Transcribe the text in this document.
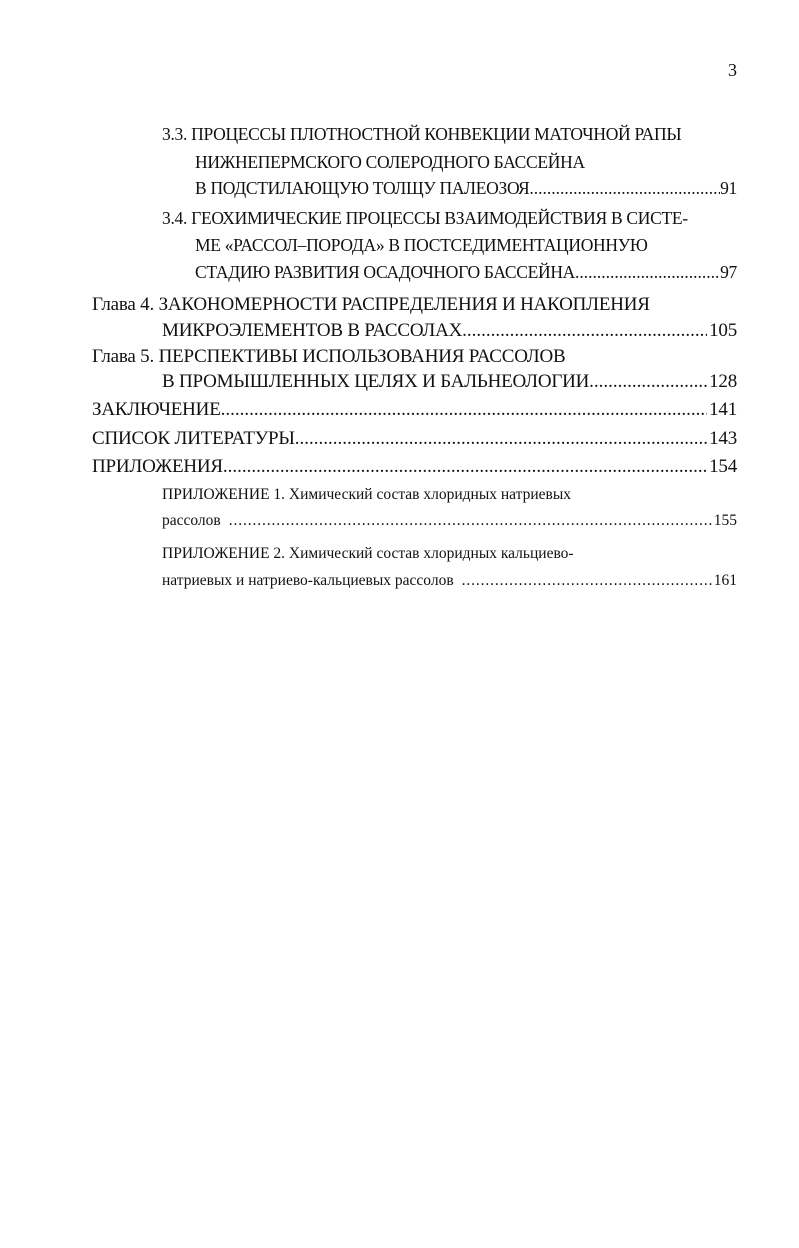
3
3.3. ПРОЦЕССЫ ПЛОТНОСТНОЙ КОНВЕКЦИИ МАТОЧНОЙ РАПЫ
НИЖНЕПЕРМСКОГО СОЛЕРОДНОГО БАССЕЙНА
В ПОДСТИЛАЮЩУЮ ТОЛЩУ ПАЛЕОЗОЯ .....	91
3.4. ГЕОХИМИЧЕСКИЕ ПРОЦЕССЫ ВЗАИМОДЕЙСТВИЯ В СИСТЕ-
МЕ «РАССОЛ–ПОРОДА» В ПОСТСЕДИМЕНТАЦИОННУЮ
СТАДИЮ РАЗВИТИЯ ОСАДОЧНОГО БАССЕЙНА .....	97
Глава 4. ЗАКОНОМЕРНОСТИ РАСПРЕДЕЛЕНИЯ И НАКОПЛЕНИЯ
МИКРОЭЛЕМЕНТОВ В РАССОЛАХ .....	105
Глава 5. ПЕРСПЕКТИВЫ ИСПОЛЬЗОВАНИЯ РАССОЛОВ
В ПРОМЫШЛЕННЫХ ЦЕЛЯХ И БАЛЬНЕОЛОГИИ .....	128
ЗАКЛЮЧЕНИЕ .....	141
СПИСОК ЛИТЕРАТУРЫ .....	143
ПРИЛОЖЕНИЯ .....	154
ПРИЛОЖЕНИЕ 1. Химический состав хлоридных натриевых
рассолов . . .	155
ПРИЛОЖЕНИЕ 2. Химический состав хлоридных кальциево-
натриевых и натриево-кальциевых рассолов . . .	161
